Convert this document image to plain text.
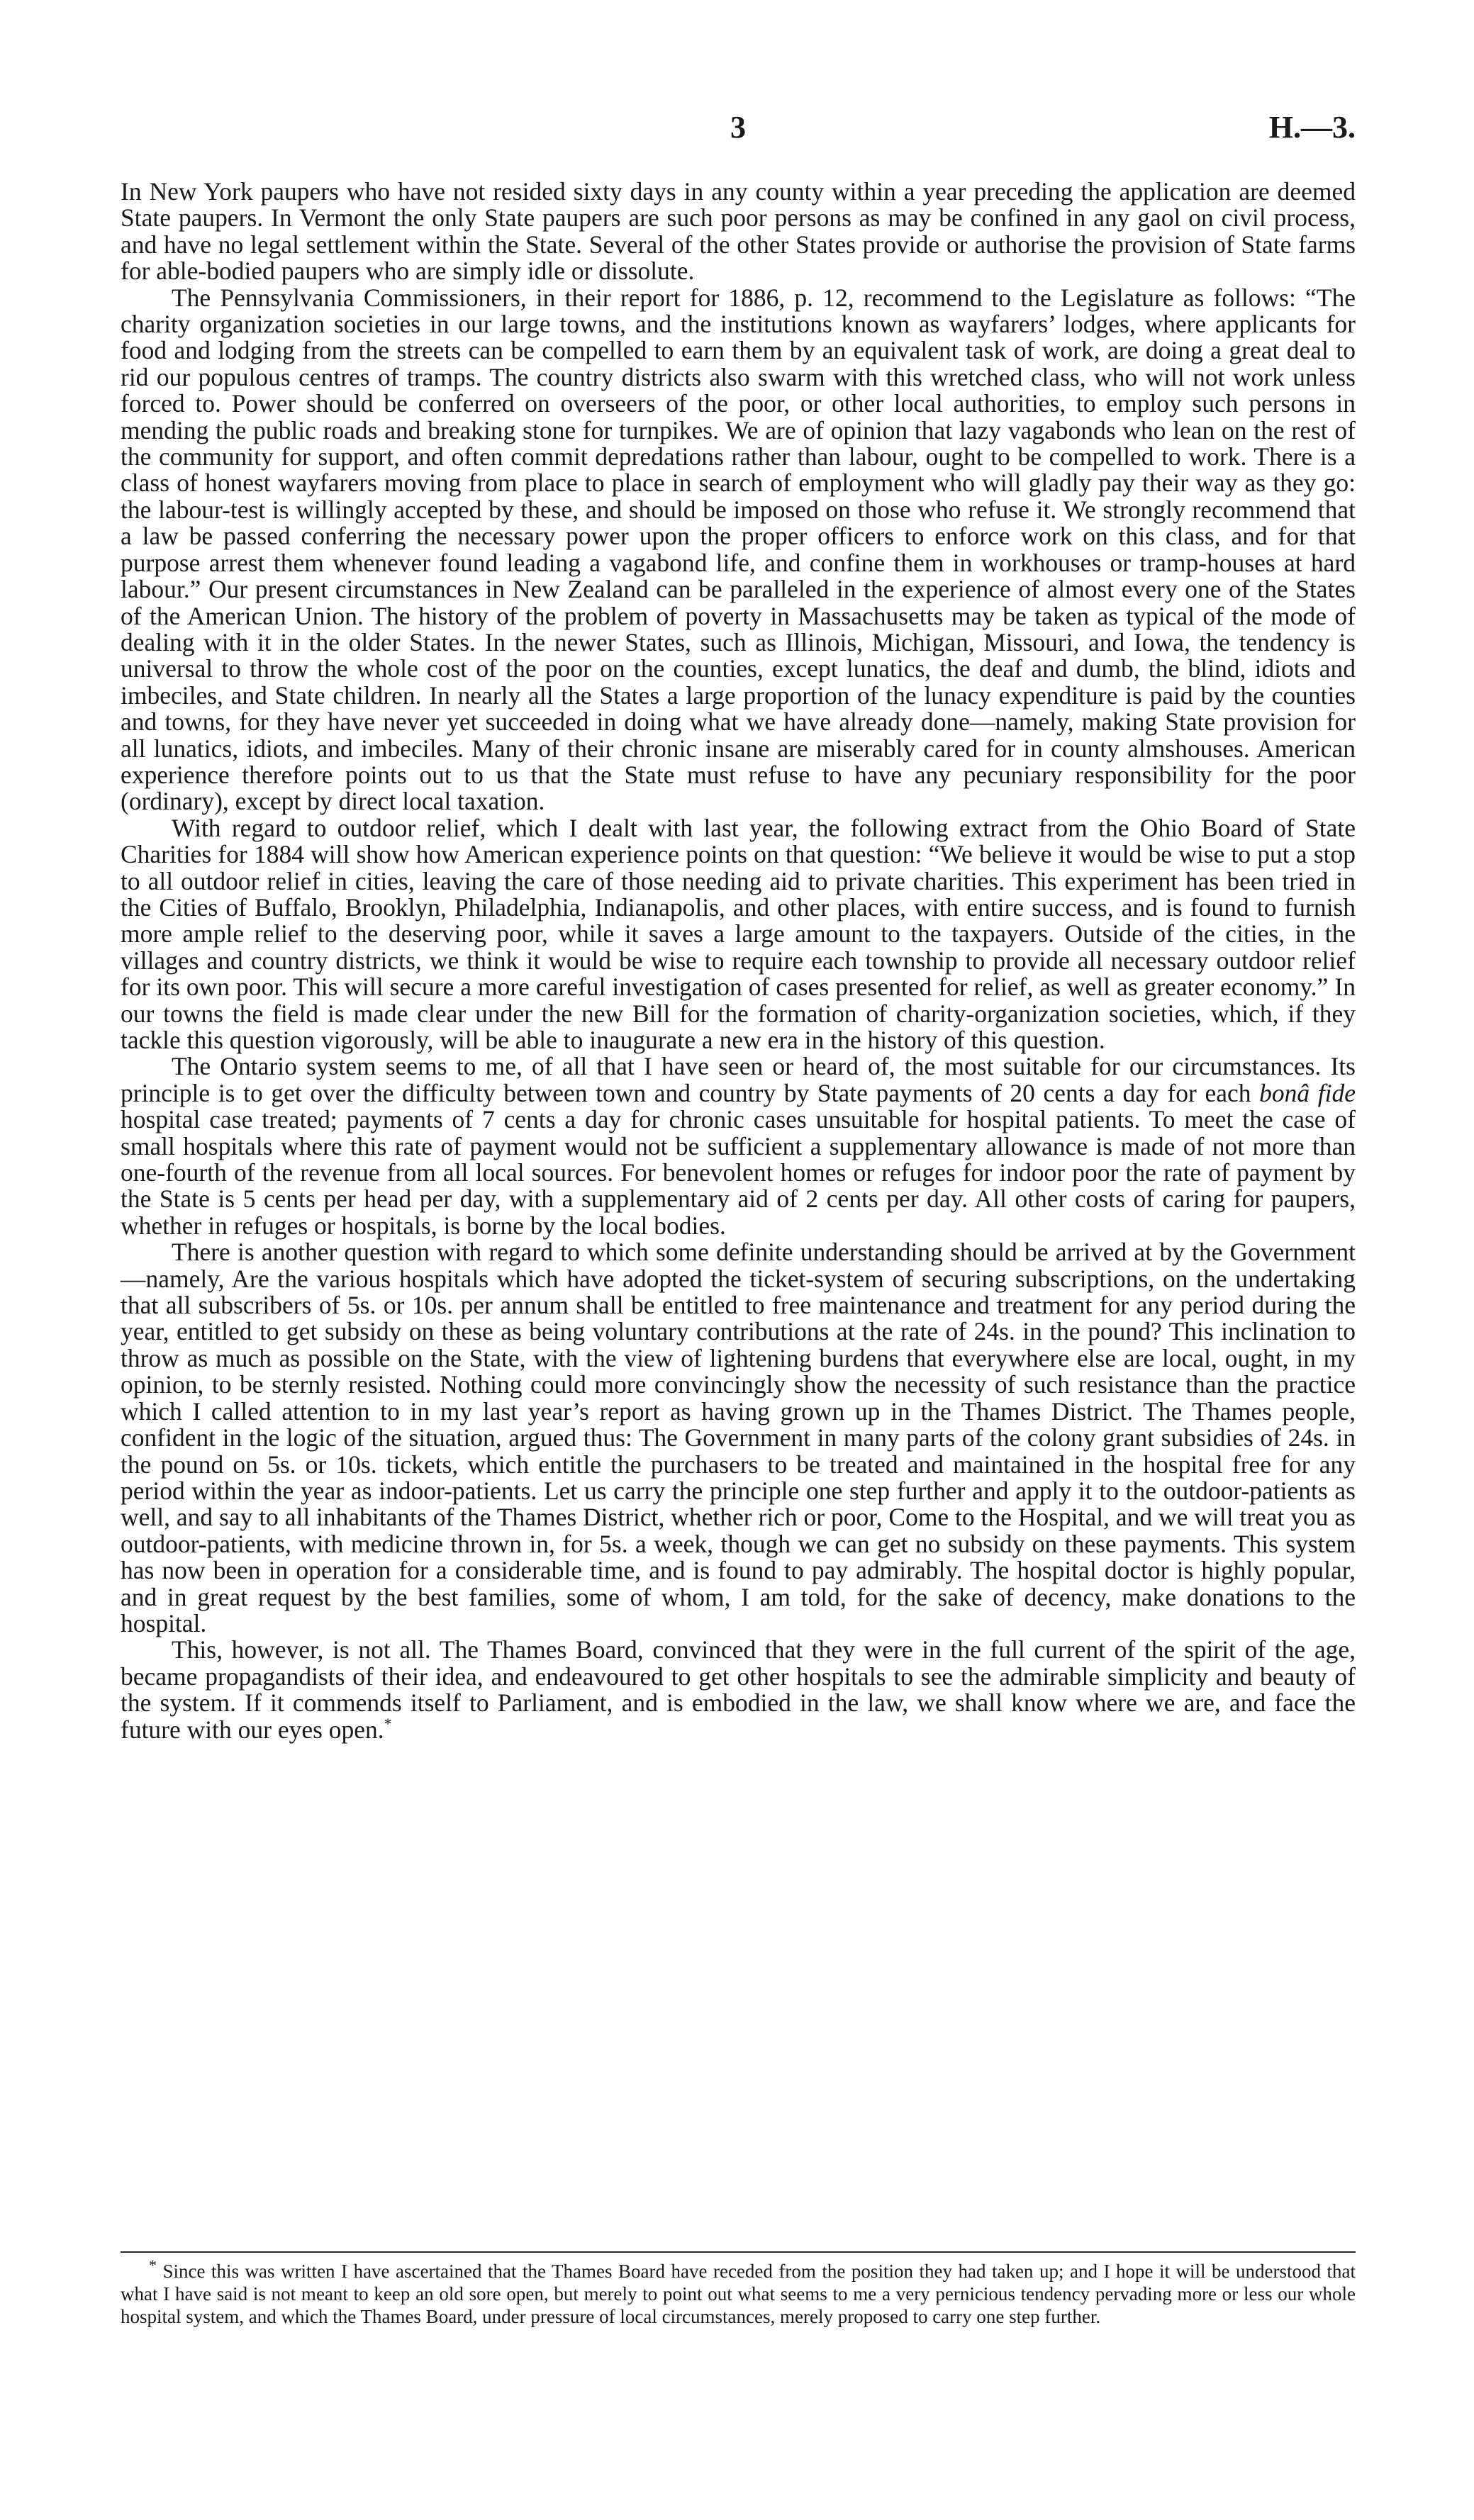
3	H.—3.

In New York paupers who have not resided sixty days in any county within a year preceding the application are deemed State paupers. In Vermont the only State paupers are such poor persons as may be confined in any gaol on civil process, and have no legal settlement within the State. Several of the other States provide or authorise the provision of State farms for able-bodied paupers who are simply idle or dissolute.

The Pennsylvania Commissioners, in their report for 1886, p. 12, recommend to the Legislature as follows: “The charity organization societies in our large towns, and the institutions known as wayfarers’ lodges, where applicants for food and lodging from the streets can be compelled to earn them by an equivalent task of work, are doing a great deal to rid our populous centres of tramps. The country districts also swarm with this wretched class, who will not work unless forced to. Power should be conferred on overseers of the poor, or other local authorities, to employ such persons in mending the public roads and breaking stone for turnpikes. We are of opinion that lazy vagabonds who lean on the rest of the community for support, and often commit depredations rather than labour, ought to be compelled to work. There is a class of honest wayfarers moving from place to place in search of employment who will gladly pay their way as they go: the labour-test is willingly accepted by these, and should be imposed on those who refuse it. We strongly recommend that a law be passed conferring the necessary power upon the proper officers to enforce work on this class, and for that purpose arrest them whenever found leading a vagabond life, and confine them in workhouses or tramp-houses at hard labour.” Our present circumstances in New Zealand can be paralleled in the experience of almost every one of the States of the American Union. The history of the problem of poverty in Massachusetts may be taken as typical of the mode of dealing with it in the older States. In the newer States, such as Illinois, Michigan, Missouri, and Iowa, the tendency is universal to throw the whole cost of the poor on the counties, except lunatics, the deaf and dumb, the blind, idiots and imbeciles, and State children. In nearly all the States a large proportion of the lunacy expenditure is paid by the counties and towns, for they have never yet succeeded in doing what we have already done—namely, making State provision for all lunatics, idiots, and imbeciles. Many of their chronic insane are miserably cared for in county almshouses. American experience therefore points out to us that the State must refuse to have any pecuniary responsibility for the poor (ordinary), except by direct local taxation.

With regard to outdoor relief, which I dealt with last year, the following extract from the Ohio Board of State Charities for 1884 will show how American experience points on that question: “We believe it would be wise to put a stop to all outdoor relief in cities, leaving the care of those needing aid to private charities. This experiment has been tried in the Cities of Buffalo, Brooklyn, Philadelphia, Indianapolis, and other places, with entire success, and is found to furnish more ample relief to the deserving poor, while it saves a large amount to the taxpayers. Outside of the cities, in the villages and country districts, we think it would be wise to require each township to provide all necessary outdoor relief for its own poor. This will secure a more careful investigation of cases presented for relief, as well as greater economy.” In our towns the field is made clear under the new Bill for the formation of charity-organization societies, which, if they tackle this question vigorously, will be able to inaugurate a new era in the history of this question.

The Ontario system seems to me, of all that I have seen or heard of, the most suitable for our circumstances. Its principle is to get over the difficulty between town and country by State payments of 20 cents a day for each bonâ fide hospital case treated; payments of 7 cents a day for chronic cases unsuitable for hospital patients. To meet the case of small hospitals where this rate of payment would not be sufficient a supplementary allowance is made of not more than one-fourth of the revenue from all local sources. For benevolent homes or refuges for indoor poor the rate of payment by the State is 5 cents per head per day, with a supplementary aid of 2 cents per day. All other costs of caring for paupers, whether in refuges or hospitals, is borne by the local bodies.

There is another question with regard to which some definite understanding should be arrived at by the Government—namely, Are the various hospitals which have adopted the ticket-system of securing subscriptions, on the undertaking that all subscribers of 5s. or 10s. per annum shall be entitled to free maintenance and treatment for any period during the year, entitled to get subsidy on these as being voluntary contributions at the rate of 24s. in the pound? This inclination to throw as much as possible on the State, with the view of lightening burdens that everywhere else are local, ought, in my opinion, to be sternly resisted. Nothing could more convincingly show the necessity of such resistance than the practice which I called attention to in my last year’s report as having grown up in the Thames District. The Thames people, confident in the logic of the situation, argued thus: The Government in many parts of the colony grant subsidies of 24s. in the pound on 5s. or 10s. tickets, which entitle the purchasers to be treated and maintained in the hospital free for any period within the year as indoor-patients. Let us carry the principle one step further and apply it to the outdoor-patients as well, and say to all inhabitants of the Thames District, whether rich or poor, Come to the Hospital, and we will treat you as outdoor-patients, with medicine thrown in, for 5s. a week, though we can get no subsidy on these payments. This system has now been in operation for a considerable time, and is found to pay admirably. The hospital doctor is highly popular, and in great request by the best families, some of whom, I am told, for the sake of decency, make donations to the hospital.

This, however, is not all. The Thames Board, convinced that they were in the full current of the spirit of the age, became propagandists of their idea, and endeavoured to get other hospitals to see the admirable simplicity and beauty of the system. If it commends itself to Parliament, and is embodied in the law, we shall know where we are, and face the future with our eyes open.*

* Since this was written I have ascertained that the Thames Board have receded from the position they had taken up; and I hope it will be understood that what I have said is not meant to keep an old sore open, but merely to point out what seems to me a very pernicious tendency pervading more or less our whole hospital system, and which the Thames Board, under pressure of local circumstances, merely proposed to carry one step further.
